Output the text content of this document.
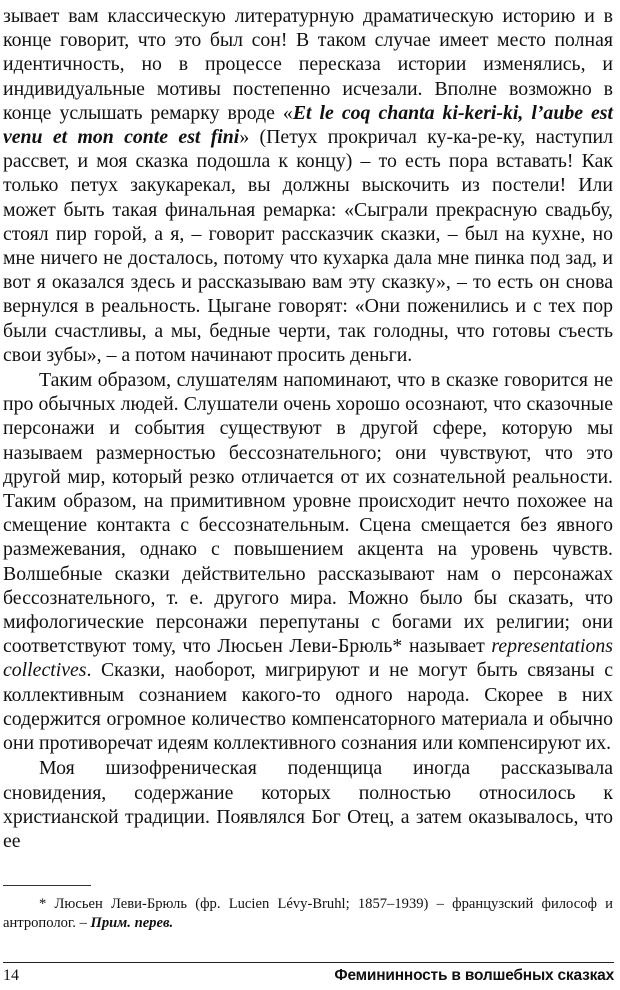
зывает вам классическую литературную драматическую историю и в конце говорит, что это был сон! В таком случае имеет место полная идентичность, но в процессе пересказа истории изменялись, и индивидуальные мотивы постепенно исчезали. Вполне возможно в конце услышать ремарку вроде «Et le coq chanta ki-keri-ki, l’aube est venu et mon conte est fini» (Петух прокричал ку-ка-ре-ку, наступил рассвет, и моя сказка подошла к концу) – то есть пора вставать! Как только петух закукарекал, вы должны выскочить из постели! Или может быть такая финальная ремарка: «Сыграли прекрасную свадьбу, стоял пир горой, а я, – говорит рассказчик сказки, – был на кухне, но мне ничего не досталось, потому что кухарка дала мне пинка под зад, и вот я оказался здесь и рассказываю вам эту сказку», – то есть он снова вернулся в реальность. Цыгане говорят: «Они поженились и с тех пор были счастливы, а мы, бедные черти, так голодны, что готовы съесть свои зубы», – а потом начинают просить деньги.

Таким образом, слушателям напоминают, что в сказке говорится не про обычных людей. Слушатели очень хорошо осознают, что сказочные персонажи и события существуют в другой сфере, которую мы называем размерностью бессознательного; они чувствуют, что это другой мир, который резко отличается от их сознательной реальности. Таким образом, на примитивном уровне происходит нечто похожее на смещение контакта с бессознательным. Сцена смещается без явного размежевания, однако с повышением акцента на уровень чувств. Волшебные сказки действительно рассказывают нам о персонажах бессознательного, т. е. другого мира. Можно было бы сказать, что мифологические персонажи перепутаны с богами их религии; они соответствуют тому, что Люсьен Леви-Брюль* называет representations collectives. Сказки, наоборот, мигрируют и не могут быть связаны с коллективным сознанием какого-то одного народа. Скорее в них содержится огромное количество компенсаторного материала и обычно они противоречат идеям коллективного сознания или компенсируют их.

Моя шизофреническая поденщица иногда рассказывала сновидения, содержание которых полностью относилось к христианской традиции. Появлялся Бог Отец, а затем оказывалось, что ее

* Люсьен Леви-Брюль (фр. Lucien Lévy-Bruhl; 1857–1939) – французский философ и антрополог. – Прим. перев.

14	Фемининность в волшебных сказках
